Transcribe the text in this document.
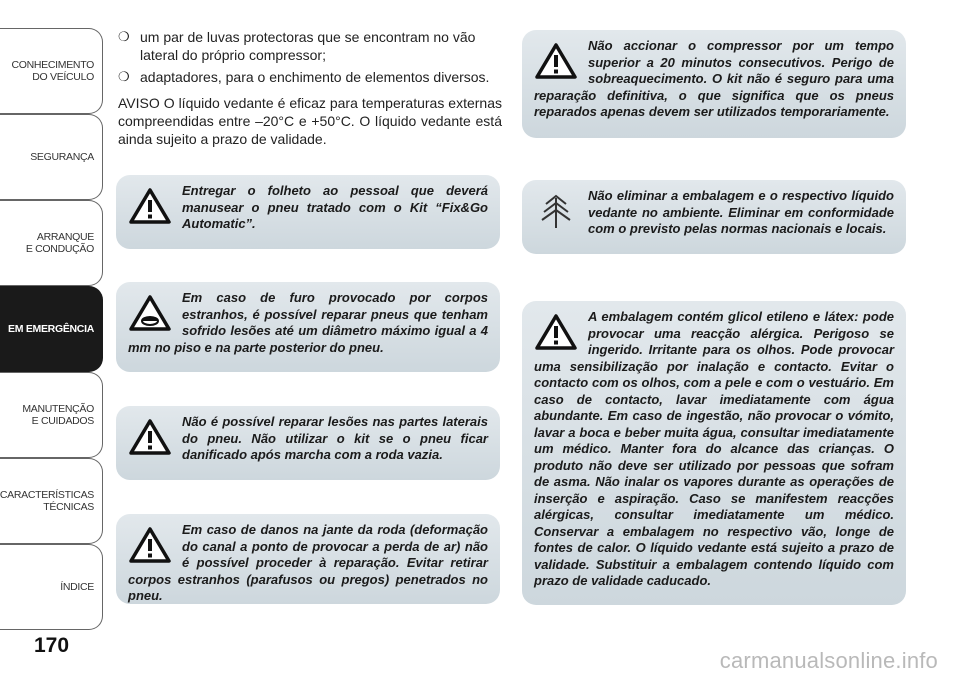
CONHECIMENTO
DO VEÍCULO
SEGURANÇA
ARRANQUE
E CONDUÇÃO
EM EMERGÊNCIA
MANUTENÇÃO
E CUIDADOS
CARACTERÍSTICAS
TÉCNICAS
ÍNDICE
170
❍ um par de luvas protectoras que se encontram no vão lateral do próprio compressor;
❍ adaptadores, para o enchimento de elementos diversos.

AVISO O líquido vedante é eficaz para temperaturas externas compreendidas entre –20°C e +50°C. O líquido vedante está ainda sujeito a prazo de validade.

Entregar o folheto ao pessoal que deverá manusear o pneu tratado com o Kit “Fix&Go Automatic”.
Em caso de furo provocado por corpos estranhos, é possível reparar pneus que tenham sofrido lesões até um diâmetro máximo igual a 4 mm no piso e na parte posterior do pneu.
Não é possível reparar lesões nas partes laterais do pneu. Não utilizar o kit se o pneu ficar danificado após marcha com a roda vazia.
Em caso de danos na jante da roda (deformação do canal a ponto de provocar a perda de ar) não é possível proceder à reparação. Evitar retirar corpos estranhos (parafusos ou pregos) penetrados no pneu.
Não accionar o compressor por um tempo superior a 20 minutos consecutivos. Perigo de sobreaquecimento. O kit não é seguro para uma reparação definitiva, o que significa que os pneus reparados apenas devem ser utilizados temporariamente.
Não eliminar a embalagem e o respectivo líquido vedante no ambiente. Eliminar em conformidade com o previsto pelas normas nacionais e locais.
A embalagem contém glicol etileno e látex: pode provocar uma reacção alérgica. Perigoso se ingerido. Irritante para os olhos. Pode provocar uma sensibilização por inalação e contacto. Evitar o contacto com os olhos, com a pele e com o vestuário. Em caso de contacto, lavar imediatamente com água abundante. Em caso de ingestão, não provocar o vómito, lavar a boca e beber muita água, consultar imediatamente um médico. Manter fora do alcance das crianças. O produto não deve ser utilizado por pessoas que sofram de asma. Não inalar os vapores durante as operações de inserção e aspiração. Caso se manifestem reacções alérgicas, consultar imediatamente um médico. Conservar a embalagem no respectivo vão, longe de fontes de calor. O líquido vedante está sujeito a prazo de validade. Substituir a embalagem contendo líquido com prazo de validade caducado.
carmanualsonline.info
